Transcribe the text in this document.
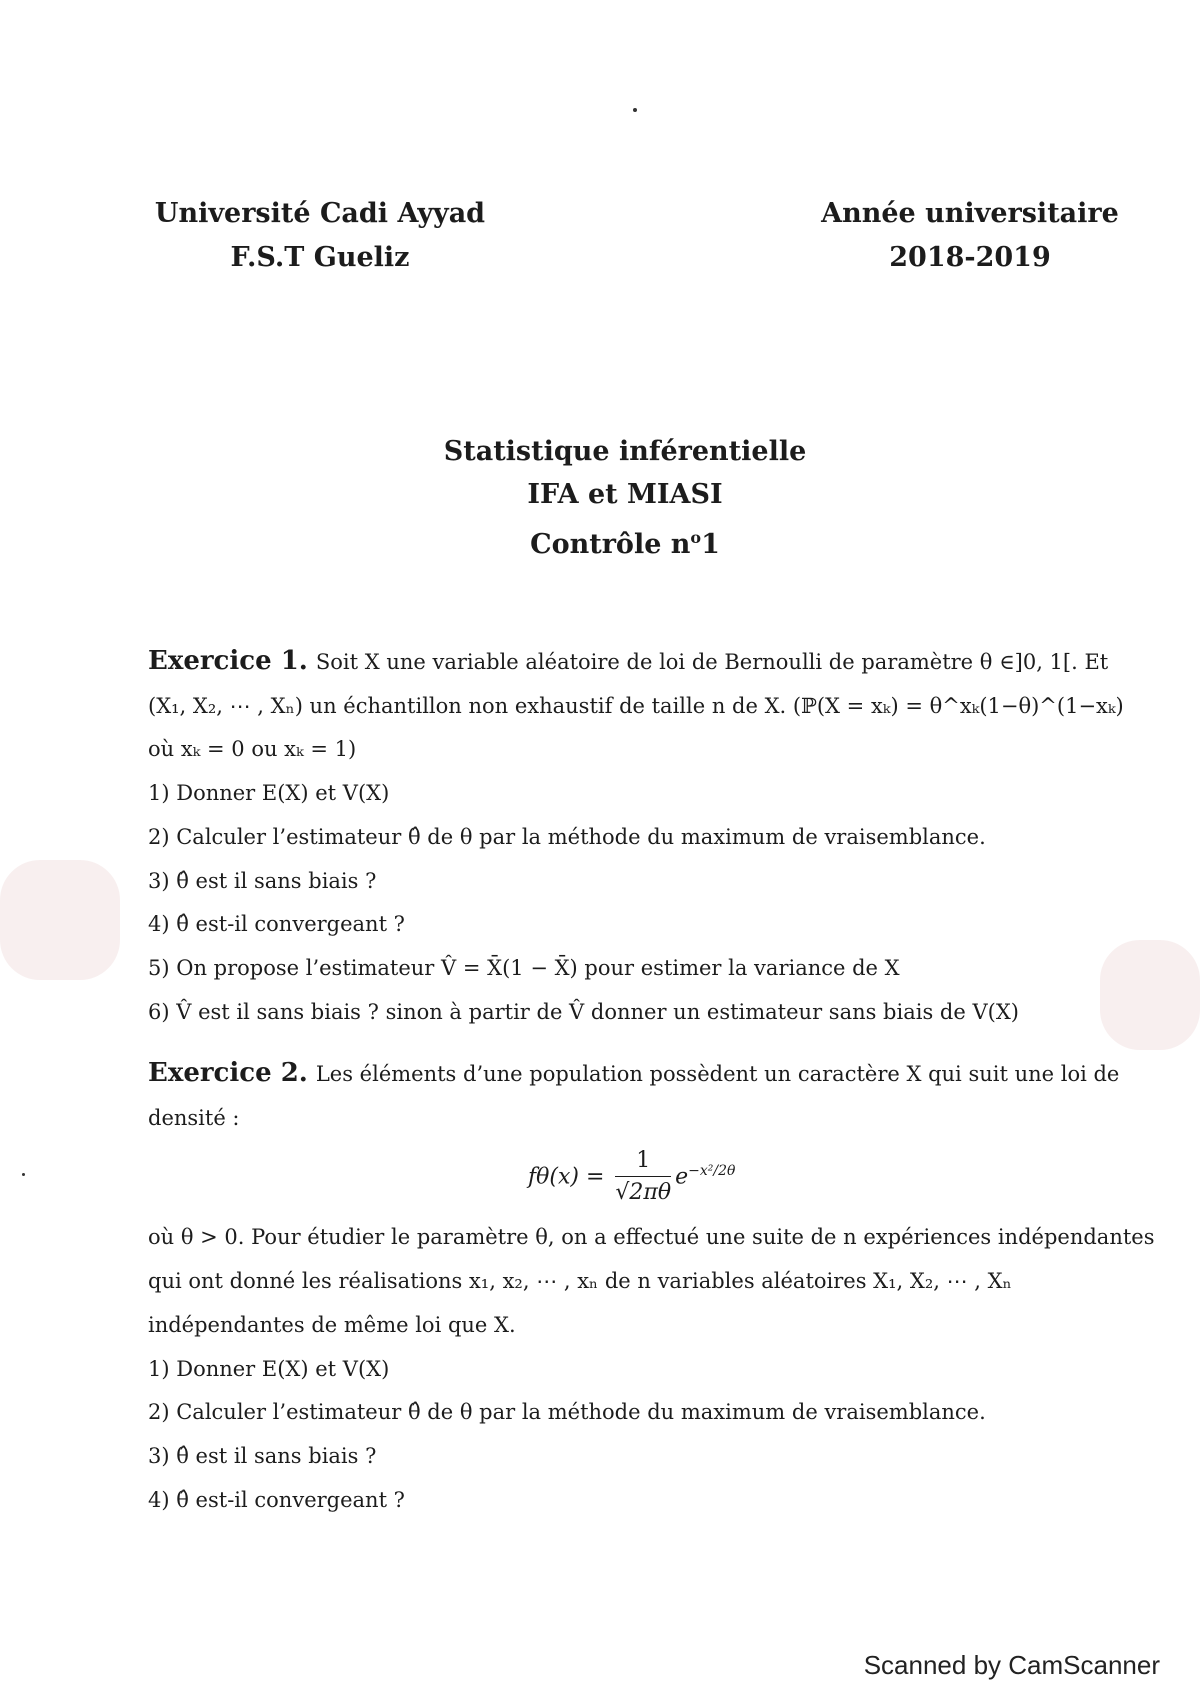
Université Cadi Ayyad
F.S.T Gueliz
Année universitaire
2018-2019
Statistique inférentielle
IFA et MIASI
Contrôle $n^o1$
Exercice 1. Soit X une variable aléatoire de loi de Bernoulli de paramètre θ ∈]0, 1[. Et
(X₁, X₂, ⋯ , Xₙ) un échantillon non exhaustif de taille n de X. (ℙ(X = xₖ) = θ^xₖ(1−θ)^(1−xₖ)
où xₖ = 0 ou xₖ = 1)
1) Donner E(X) et V(X)
2) Calculer l’estimateur θ̂ de θ par la méthode du maximum de vraisemblance.
3) θ̂ est il sans biais ?
4) θ̂ est-il convergeant ?
5) On propose l’estimateur V̂ = X̄(1 − X̄) pour estimer la variance de X
6) V̂ est il sans biais ? sinon à partir de V̂ donner un estimateur sans biais de V(X)
Exercice 2. Les éléments d’une population possèdent un caractère X qui suit une loi de
densité :
$f\theta(x) = \frac{1}{√2\pi\theta} e^{-x^2/2\theta}$
où θ > 0. Pour étudier le paramètre θ, on a effectué une suite de n expériences indépendantes
qui ont donné les réalisations x₁, x₂, ⋯ , xₙ de n variables aléatoires X₁, X₂, ⋯ , Xₙ
indépendantes de même loi que X.
1) Donner E(X) et V(X)
2) Calculer l’estimateur θ̂ de θ par la méthode du maximum de vraisemblance.
3) θ̂ est il sans biais ?
4) θ̂ est-il convergeant ?
Scanned by CamScanner
